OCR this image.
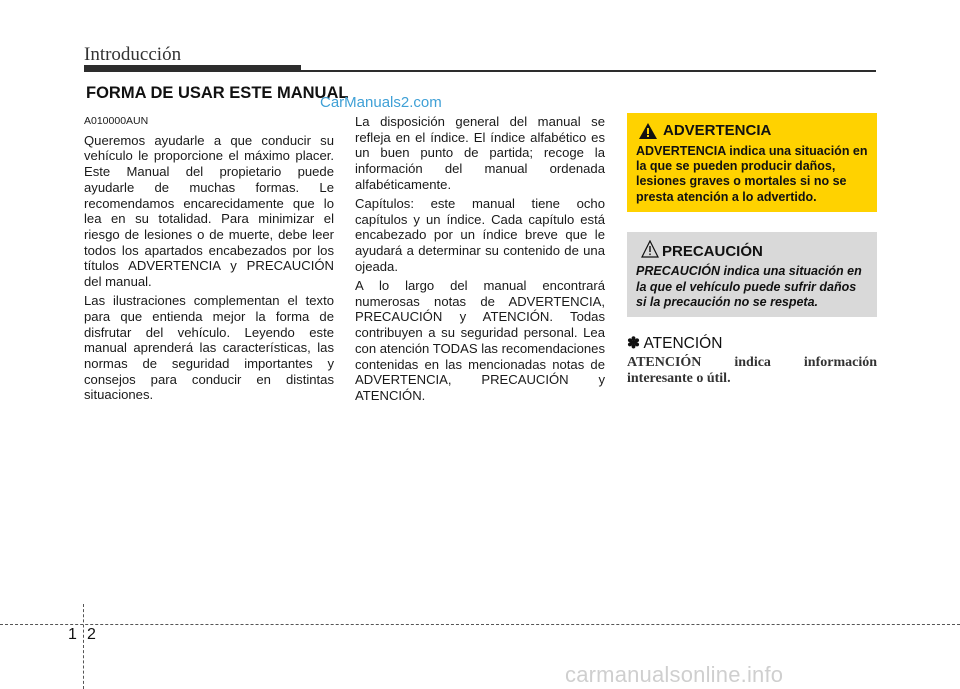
Introducción
FORMA DE USAR ESTE MANUAL
CarManuals2.com

A010000AUN

Queremos ayudarle a que conducir su vehículo le proporcione el máximo placer. Este Manual del propietario puede ayudarle de muchas formas. Le recomendamos encarecidamente que lo lea en su totalidad. Para minimizar el riesgo de lesiones o de muerte, debe leer todos los apartados encabezados por los títulos ADVERTENCIA y PRECAUCIÓN del manual.

Las ilustraciones complementan el texto para que entienda mejor la forma de disfrutar del vehículo. Leyendo este manual aprenderá las características, las normas de seguridad importantes y consejos para conducir en distintas situaciones.

La disposición general del manual se refleja en el índice. El índice alfabético es un buen punto de partida; recoge la información del manual ordenada alfabéticamente.

Capítulos: este manual tiene ocho capítulos y un índice. Cada capítulo está encabezado por un índice breve que le ayudará a determinar su contenido de una ojeada.

A lo largo del manual encontrará numerosas notas de ADVERTENCIA, PRECAUCIÓN y ATENCIÓN. Todas contribuyen a su seguridad personal. Lea con atención TODAS las recomendaciones contenidas en las mencionadas notas de ADVERTENCIA, PRECAUCIÓN y ATENCIÓN.

ADVERTENCIA
ADVERTENCIA indica una situación en la que se pueden producir daños, lesiones graves o mortales si no se presta atención a lo advertido.
PRECAUCIÓN
PRECAUCIÓN indica una situación en la que el vehículo puede sufrir daños si la precaución no se respeta.
✽ ATENCIÓN
ATENCIÓN indica información interesante o útil.
1 2
carmanualsonline.info
